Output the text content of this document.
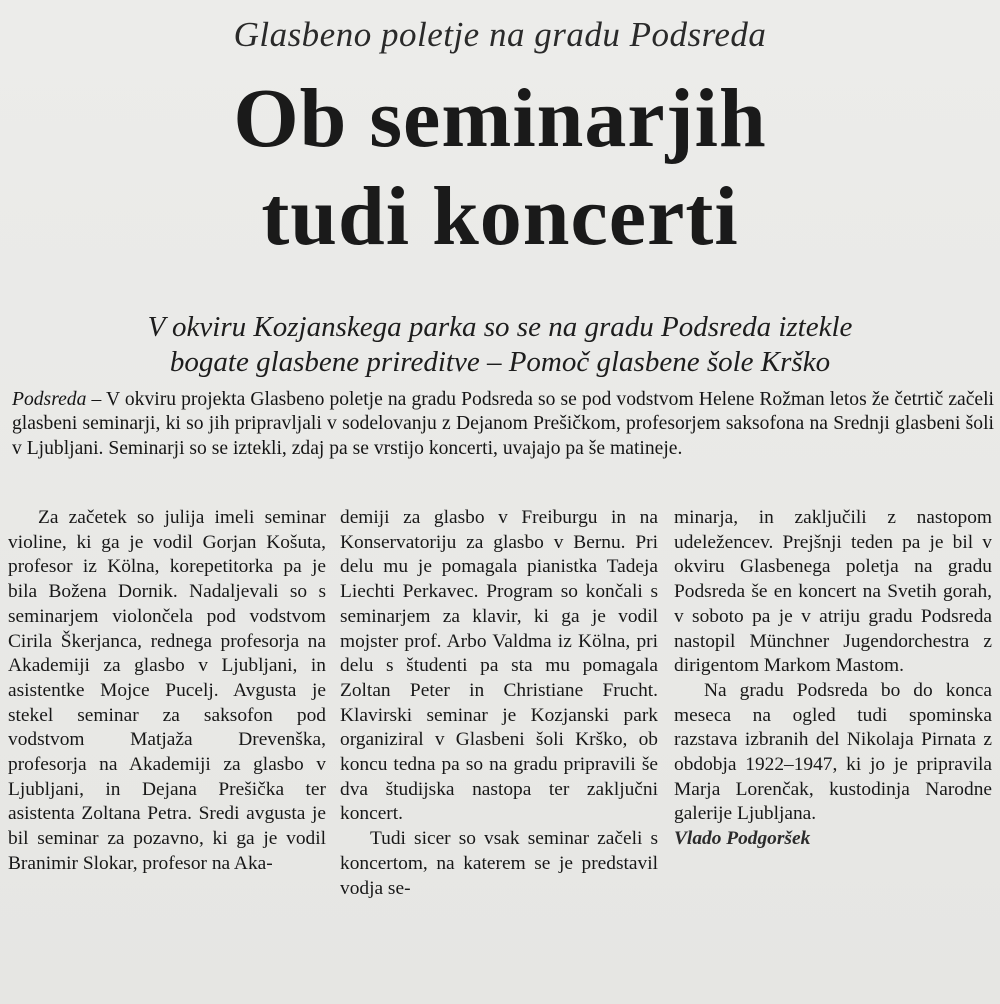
Glasbeno poletje na gradu Podsreda

Ob seminarjih
tudi koncerti

V okviru Kozjanskega parka so se na gradu Podsreda iztekle
bogate glasbene prireditve – Pomoč glasbene šole Krško

Podsreda – V okviru projekta Glasbeno poletje na gradu Podsreda so se pod vodstvom Helene Rožman letos že četrtič začeli glasbeni seminarji, ki so jih pripravljali v sodelovanju z Dejanom Prešičkom, profesorjem saksofona na Srednji glasbeni šoli v Ljubljani. Seminarji so se iztekli, zdaj pa se vrstijo koncerti, uvajajo pa še matineje.

Za začetek so julija imeli seminar violine, ki ga je vodil Gorjan Košuta, profesor iz Kölna, korepetitorka pa je bila Božena Dornik. Nadaljevali so s seminarjem violončela pod vodstvom Cirila Škerjanca, rednega profesorja na Akademiji za glasbo v Ljubljani, in asistentke Mojce Pucelj. Avgusta je stekel seminar za saksofon pod vodstvom Matjaža Drevenška, profesorja na Akademiji za glasbo v Ljubljani, in Dejana Prešička ter asistenta Zoltana Petra. Sredi avgusta je bil seminar za pozavno, ki ga je vodil Branimir Slokar, profesor na Aka-

demiji za glasbo v Freiburgu in na Konservatoriju za glasbo v Bernu. Pri delu mu je pomagala pianistka Tadeja Liechti Perkavec. Program so končali s seminarjem za klavir, ki ga je vodil mojster prof. Arbo Valdma iz Kölna, pri delu s študenti pa sta mu pomagala Zoltan Peter in Christiane Frucht. Klavirski seminar je Kozjanski park organiziral v Glasbeni šoli Krško, ob koncu tedna pa so na gradu pripravili še dva študijska nastopa ter zaključni koncert.

Tudi sicer so vsak seminar začeli s koncertom, na katerem se je predstavil vodja se-

minarja, in zaključili z nastopom udeležencev. Prejšnji teden pa je bil v okviru Glasbenega poletja na gradu Podsreda še en koncert na Svetih gorah, v soboto pa je v atriju gradu Podsreda nastopil Münchner Jugendorchestra z dirigentom Markom Mastom.

Na gradu Podsreda bo do konca meseca na ogled tudi spominska razstava izbranih del Nikolaja Pirnata z obdobja 1922–1947, ki jo je pripravila Marja Lorenčak, kustodinja Narodne galerije Ljubljana.

Vlado Podgoršek
